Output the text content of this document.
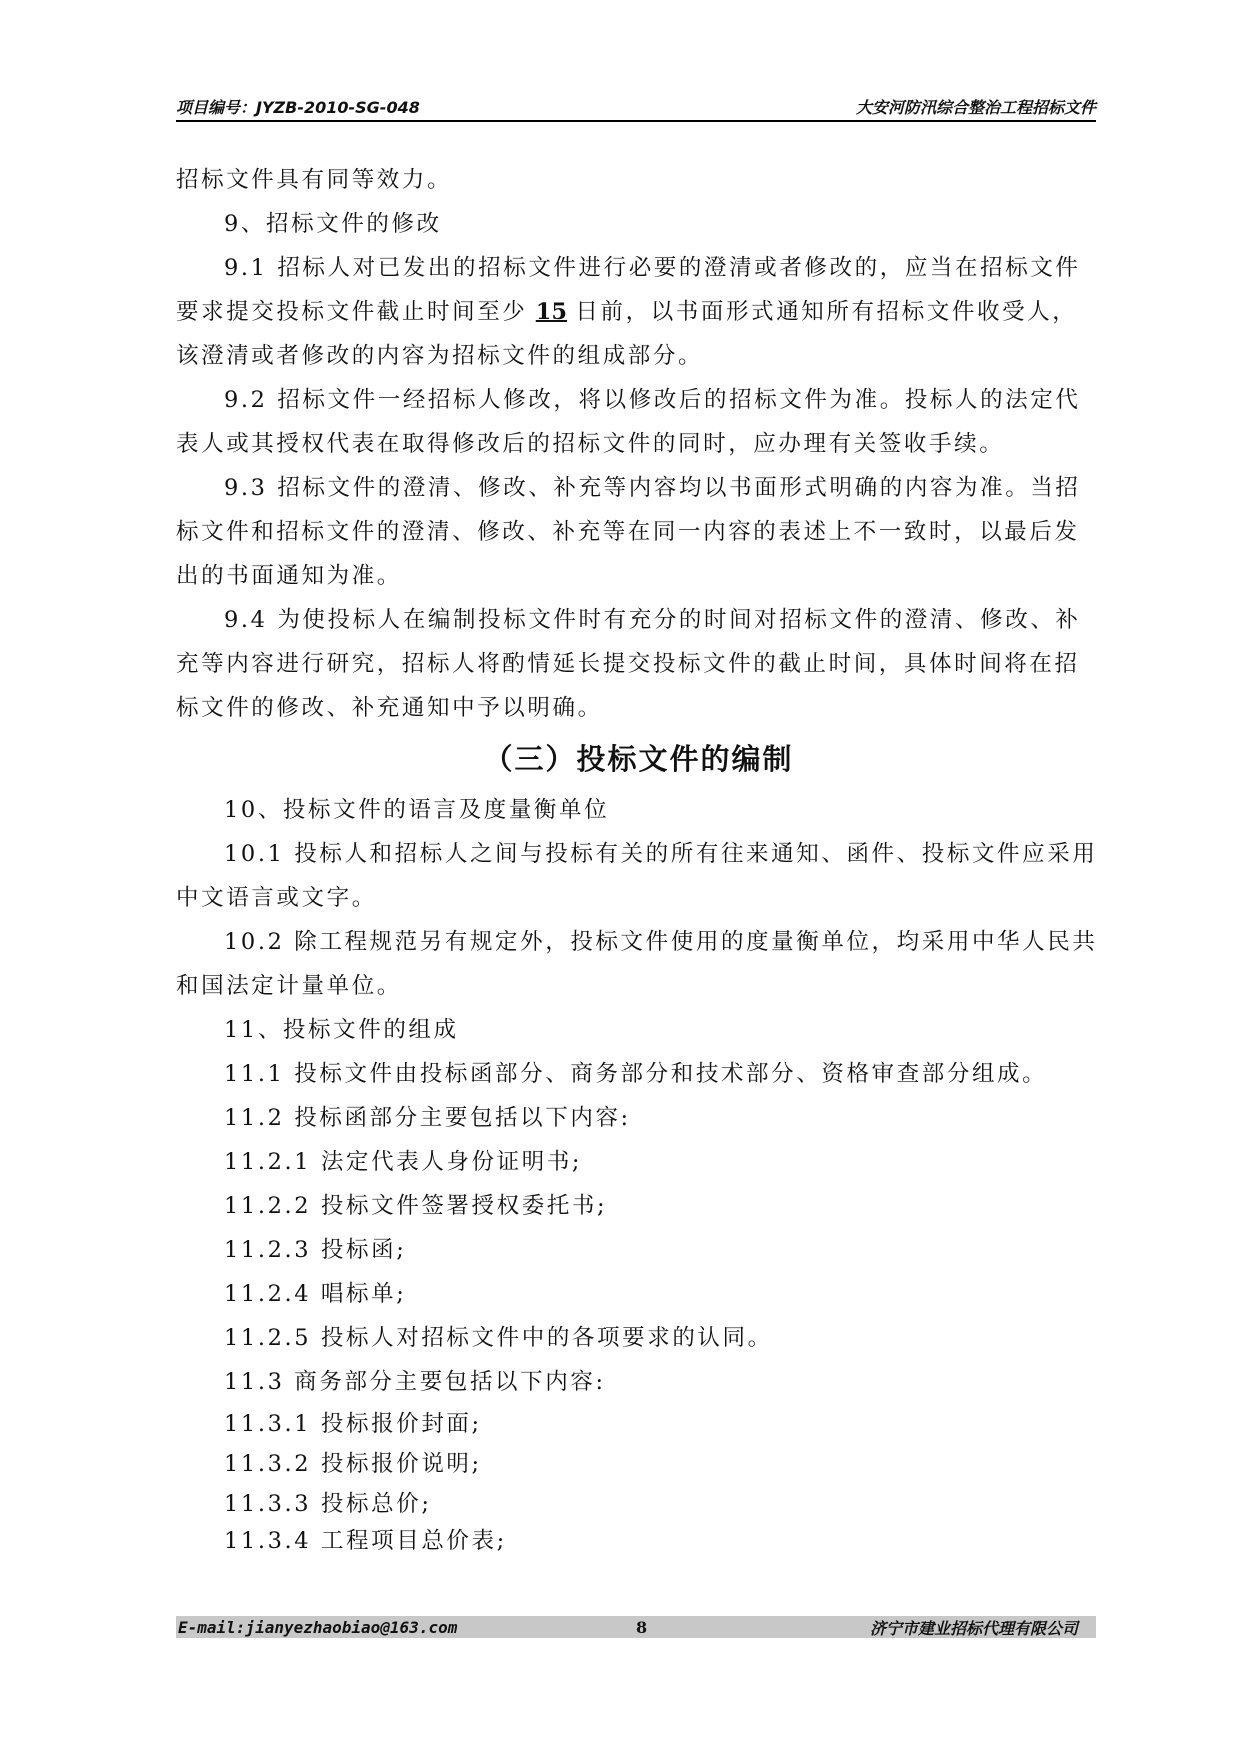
项目编号：JYZB-2010-SG-048	大安河防汛综合整治工程招标文件

招标文件具有同等效力。

9、招标文件的修改

9.1 招标人对已发出的招标文件进行必要的澄清或者修改的，应当在招标文件要求提交投标文件截止时间至少 15 日前，以书面形式通知所有招标文件收受人，该澄清或者修改的内容为招标文件的组成部分。

9.2 招标文件一经招标人修改，将以修改后的招标文件为准。投标人的法定代表人或其授权代表在取得修改后的招标文件的同时，应办理有关签收手续。

9.3 招标文件的澄清、修改、补充等内容均以书面形式明确的内容为准。当招标文件和招标文件的澄清、修改、补充等在同一内容的表述上不一致时，以最后发出的书面通知为准。

9.4 为使投标人在编制投标文件时有充分的时间对招标文件的澄清、修改、补充等内容进行研究，招标人将酌情延长提交投标文件的截止时间，具体时间将在招标文件的修改、补充通知中予以明确。

（三）投标文件的编制

10、投标文件的语言及度量衡单位

10.1 投标人和招标人之间与投标有关的所有往来通知、函件、投标文件应采用中文语言或文字。

10.2 除工程规范另有规定外，投标文件使用的度量衡单位，均采用中华人民共和国法定计量单位。

11、投标文件的组成

11.1 投标文件由投标函部分、商务部分和技术部分、资格审查部分组成。

11.2 投标函部分主要包括以下内容:

11.2.1 法定代表人身份证明书;

11.2.2 投标文件签署授权委托书;

11.2.3 投标函;

11.2.4 唱标单;

11.2.5 投标人对招标文件中的各项要求的认同。

11.3 商务部分主要包括以下内容:

11.3.1 投标报价封面;

11.3.2 投标报价说明;

11.3.3 投标总价;

11.3.4 工程项目总价表;

E-mail:jianyezhaobiao@163.com	8	济宁市建业招标代理有限公司
